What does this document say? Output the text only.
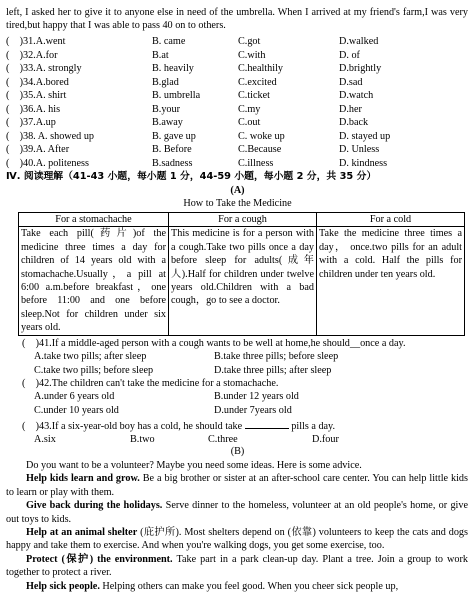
left, I asked her to give it to anyone else in need of the umbrella. When I arrived at my friend's farm,I was very tired,but happy that I was able to pass 40 on to others.
(　)31.A.went	B. came	C.got	D.walked
(　)32.A.for	B.at	C.with	D. of
(　)33.A. strongly	B. heavily	C.healthily	D.brightly
(　)34.A.bored	B.glad	C.excited	D.sad
(　)35.A. shirt	B. umbrella	C.ticket	D.watch
(　)36.A. his	B.your	C.my	D.her
(　)37.A.up	B.away	C.out	D.back
(　)38. A. showed up	B. gave up	C. woke up	D. stayed up
(　)39.A. After	B. Before	C.Because	D. Unless
(　)40.A. politeness	B.sadness	C.illness	D. kindness
Ⅳ. 阅读理解（41-43 小题，每小题 1 分，44-59 小题，每小题 2 分，共 35 分）
(A)
How to Take the Medicine
For a stomachache	For a cough	For a cold
Take each pill(药片)of the medicine three times a day for children of 14 years old with a stomachache.Usually，a pill at 6:00 a.m.before breakfast，one before 11:00 and one before sleep.Not for children under six years old.	This medicine is for a person with a cough.Take two pills once a day before sleep for adults(成年人).Half for children under twelve years old.Children with a bad cough，go to see a doctor.	Take the medicine three times a day， once.two pills for an adult with a cold. Half the pills for children under ten years old.
(　)41.If a middle-aged person with a cough wants to be well at home,he should__once a day.
A.take two pills; after sleep	B.take three pills; before sleep
C.take two pills; before sleep	D.take three pills; after sleep
(　)42.The children can't take the medicine for a stomachache.
A.under 6 years old	B.under 12 years old
C.under 10 years old	D.under 7years old
(　)43.If a six-year-old boy has a cold, he should take	pills a day.
A.six	B.two	C.three	D.four
(B)
Do you want to be a volunteer? Maybe you need some ideas. Here is some advice.
Help kids learn and grow. Be a big brother or sister at an after-school care center. You can help little kids to learn or play with them.
Give back during the holidays. Serve dinner to the homeless, volunteer at an old people's home, or give out toys to kids.
Help at an animal shelter (庇护所). Most shelters depend on (依靠) volunteers to keep the cats and dogs happy and take them to exercise. And when you're walking dogs, you get some exercise, too.
Protect (保护) the environment. Take part in a park clean-up day. Plant a tree. Join a group to work together to protect a river.
Help sick people. Helping others can make you feel good. When you cheer sick people up,
